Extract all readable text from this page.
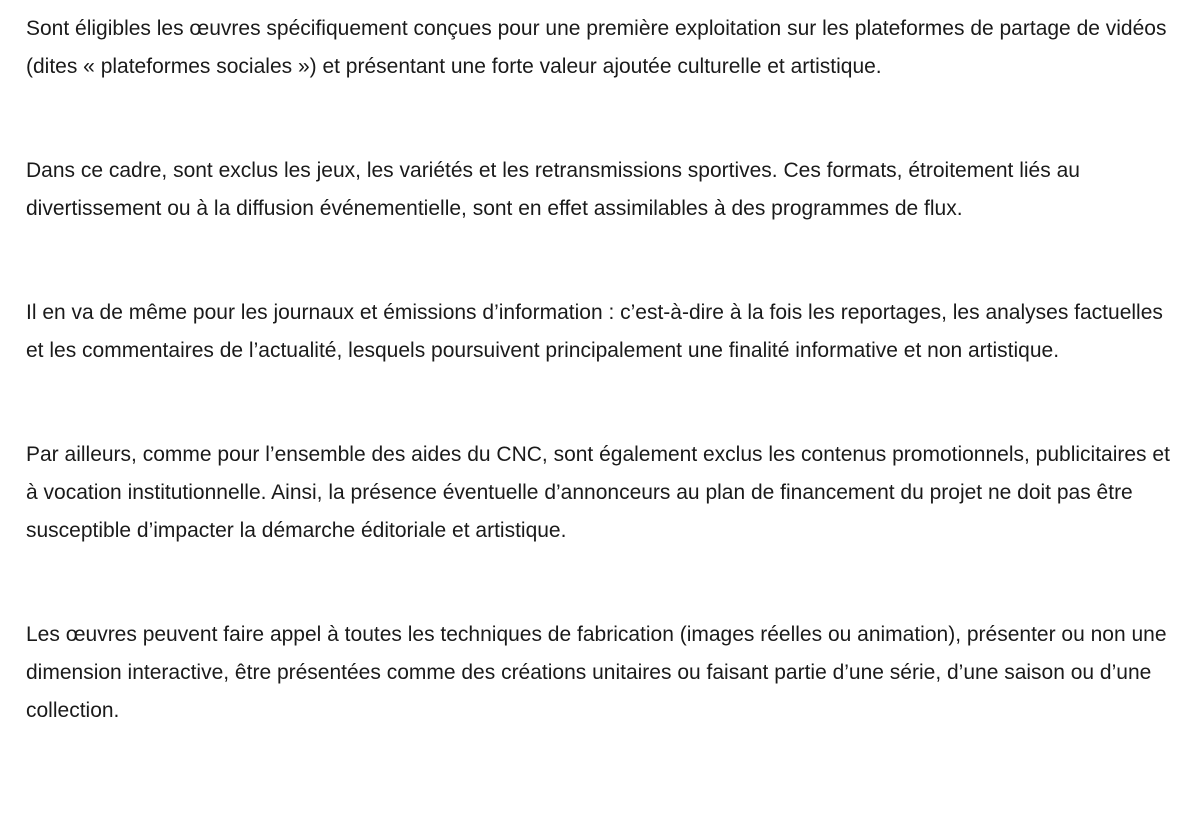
Sont éligibles les œuvres spécifiquement conçues pour une première exploitation sur les plateformes de partage de vidéos (dites « plateformes sociales ») et présentant une forte valeur ajoutée culturelle et artistique.

Dans ce cadre, sont exclus les jeux, les variétés et les retransmissions sportives. Ces formats, étroitement liés au divertissement ou à la diffusion événementielle, sont en effet assimilables à des programmes de flux.

Il en va de même pour les journaux et émissions d’information : c’est-à-dire à la fois les reportages, les analyses factuelles et les commentaires de l’actualité, lesquels poursuivent principalement une finalité informative et non artistique.

Par ailleurs, comme pour l’ensemble des aides du CNC, sont également exclus les contenus promotionnels, publicitaires et à vocation institutionnelle. Ainsi, la présence éventuelle d’annonceurs au plan de financement du projet ne doit pas être susceptible d’impacter la démarche éditoriale et artistique.

Les œuvres peuvent faire appel à toutes les techniques de fabrication (images réelles ou animation), présenter ou non une dimension interactive, être présentées comme des créations unitaires ou faisant partie d’une série, d’une saison ou d’une collection.
